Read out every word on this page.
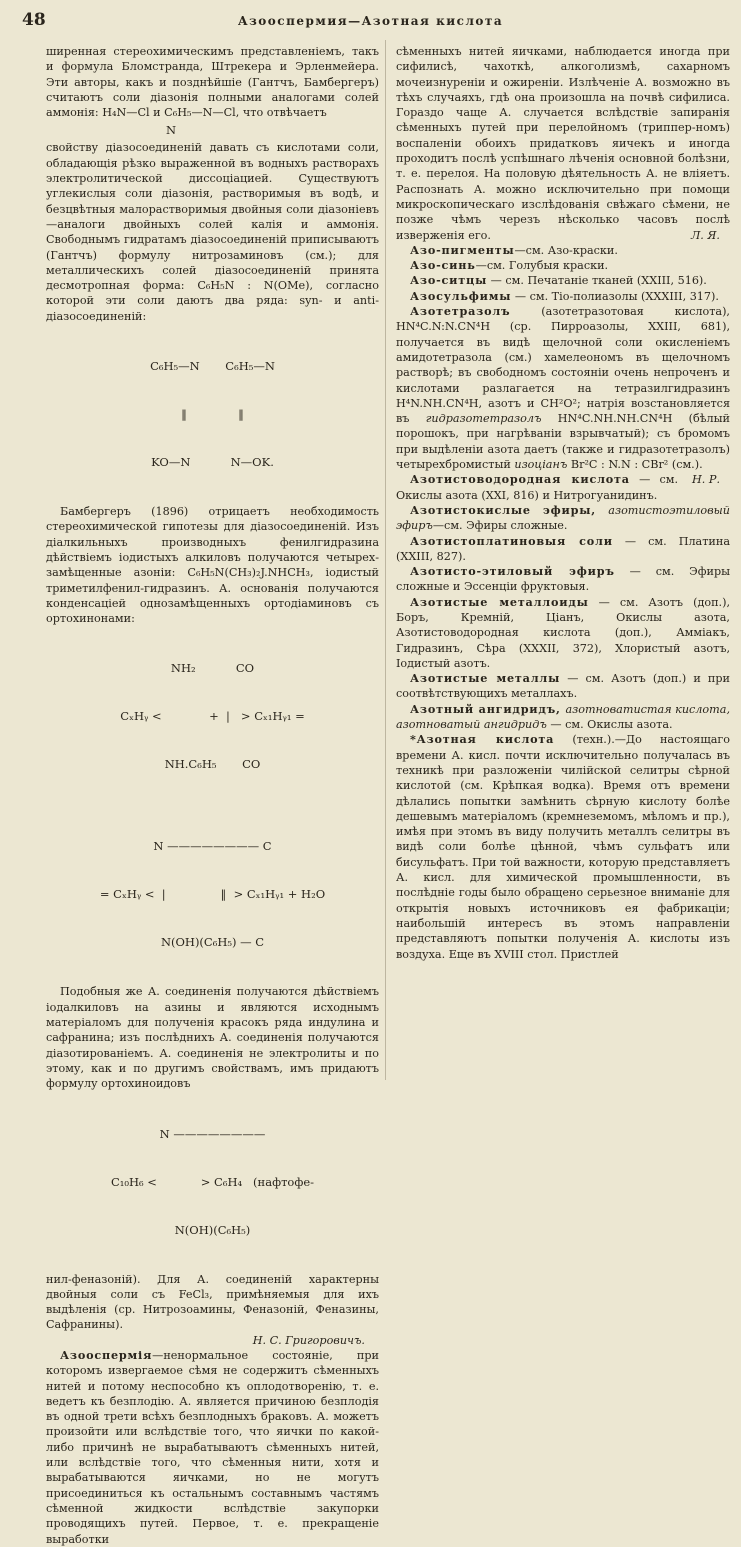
48	Азооспермия—Азотная кислота

ширенная стереохимическимъ представленіемъ, такъ и формула Бломстранда, Штрекера и Эрленмейера. Эти авторы, какъ и позднѣйшіе (Гантчъ, Бамбергеръ) считаютъ соли діазонія полными аналогами солей аммонія: H₄N—Cl и C₆H₅—N—Cl, что отвѣчаетъ

N

свойству діазосоединеній давать съ кислотами соли, обладающія рѣзко выраженной въ водныхъ растворахъ электролитической диссоціацией. Существуютъ углекислыя соли діазонія, растворимыя въ водѣ, и безцвѣтныя малорастворимыя двойныя соли діазоніевъ—аналоги двойныхъ солей калія и аммонія. Свободнымъ гидратамъ діазосоединеній приписываютъ (Гантчъ) формулу нитрозаминовъ (см.); для металлическихъ солей діазосоединеній принята десмотропная форма: C₆H₅N : N(OMe), согласно которой эти соли даютъ два ряда: syn- и anti-діазосоединеній:

C₆H₅—N       C₆H₅—N

‖              ‖

KO—N           N—OK.

Бамбергеръ (1896) отрицаетъ необходимость стереохимической гипотезы для діазосоединеній. Изъ діалкильныхъ производныхъ фенилгидразина дѣйствіемъ іодистыхъ алкиловъ получаются четырех-замѣщенные азоніи: C₆H₅N(CH₃)₂J.NHCH₃, іодистый триметилфенил-гидразинъ. А. основанія получаются конденсаціей однозамѣщенныхъ ортодіаминовъ съ ортохинонами:

NH₂           CO

CₓHᵧ <             +  |   > Cₓ₁Hᵧ₁ =

NH.C₆H₅       CO

N ———————— C

= CₓHᵧ <  |               ‖  > Cₓ₁Hᵧ₁ + H₂O

N(OH)(C₆H₅) — C

Подобныя же А. соединенія получаются дѣйствіемъ іодалкиловъ на азины и являются исходнымъ матеріаломъ для полученія красокъ ряда индулина и сафранина; изъ послѣднихъ А. соединенія получаются діазотированіемъ. А. соединенія не электролиты и по этому, как и по другимъ свойствамъ, имъ придаютъ формулу ортохиноидовъ

N ————————

C₁₀H₆ <            > C₆H₄   (нафтофе-

N(OH)(C₆H₅)

нил-феназоній). Для А. соединеній характерны двойныя соли съ FeCl₃, примѣняемыя для ихъ выдѣленія (ср. Нитрозоамины, Феназоній, Феназины, Сафранины).

Н. С. Григоровичъ.

Азооспермія—ненормальное состояніе, при которомъ извергаемое сѣмя не содержитъ сѣменныхъ нитей и потому неспособно къ оплодотворенію, т. е. ведетъ къ безплодію. А. является причиною безплодія въ одной трети всѣхъ безплодныхъ браковъ. А. можетъ произойти или вслѣдствіе того, что яички по какой-либо причинѣ не вырабатываютъ сѣменныхъ нитей, или вслѣдствіе того, что сѣменныя нити, хотя и вырабатываются яичками, но не могутъ присоединиться къ остальнымъ составнымъ частямъ сѣменной жидкости вслѣдствіе закупорки проводящихъ путей. Первое, т. е. прекращеніе выработки

сѣменныхъ нитей яичками, наблюдается иногда при сифилисѣ, чахоткѣ, алкоголизмѣ, сахарномъ мочеизнуреніи и ожиреніи. Излѣченіе А. возможно въ тѣхъ случаяхъ, гдѣ она произошла на почвѣ сифилиса. Гораздо чаще А. случается вслѣдствіе запиранія сѣменныхъ путей при перелойномъ (триппер-номъ) воспаленіи обоихъ придатковъ яичекъ и иногда проходитъ послѣ успѣшнаго лѣченія основной болѣзни, т. е. перелоя. На половую дѣятельность А. не вліяетъ. Распознать А. можно исключительно при помощи микроскопическаго изслѣдованія свѣжаго сѣмени, не позже чѣмъ черезъ нѣсколько часовъ послѣ изверженія его.	Л. Я.

Азо-пигменты—см. Азо-краски.

Азо-синь—см. Голубыя краски.

Азо-ситцы — см. Печатаніе тканей (XXIII, 516).

Азосульфимы — см. Тіо-полиазолы (XXXIII, 317).

Азотетразолъ (азотетразотовая кислота), HN⁴C.N:N.CN⁴H (ср. Пирроазолы, XXIII, 681), получается въ видѣ щелочной соли окисленіемъ амидотетразола (см.) хамелеономъ въ щелочномъ растворѣ; въ свободномъ состояніи очень непроченъ и кислотами разлагается на тетразилгидразинъ H⁴N.NH.CN⁴H, азотъ и CH²O²; натрія возстановляется въ гидразотетразолъ HN⁴C.NH.NH.CN⁴H (бѣлый порошокъ, при нагрѣваніи взрывчатый); съ бромомъ при выдѣленіи азота даетъ (также и гидразотетразолъ) четырехбромистый изоціанъ Br²C : N.N : CBr² (см.).
Н. Р.

Азотистоводородная кислота — см. Окислы азота (XXI, 816) и Нитрогуанидинъ.

Азотистокислые эфиры, азотистоэтиловый эфиръ—см. Эфиры сложные.

Азотистоплатиновыя соли — см. Платина (XXIII, 827).

Азотисто-этиловый эфиръ — см. Эфиры сложные и Эссенціи фруктовыя.

Азотистые металлоиды — см. Азотъ (доп.), Боръ, Кремній, Ціанъ, Окислы азота, Азотистоводородная кислота (доп.), Аммiакъ, Гидразинъ, Сѣра (XXXII, 372), Хлористый азотъ, Іодистый азотъ.

Азотистые металлы — см. Азотъ (доп.) и при соотвѣтствующихъ металлахъ.

Азотный ангидридъ, азотноватистая кислота, азотноватый ангидридъ — см. Окислы азота.

*Азотная кислота (техн.).—До настоящаго времени А. кисл. почти исключительно получалась въ техникѣ при разложеніи чилійской селитры сѣрной кислотой (см. Крѣпкая водка). Время отъ времени дѣлались попытки замѣнить сѣрную кислоту болѣе дешевымъ матеріаломъ (кремнеземомъ, мѣломъ и пр.), имѣя при этомъ въ виду получить металлъ селитры въ видѣ соли болѣе цѣнной, чѣмъ сульфатъ или бисульфатъ. При той важности, которую представляетъ А. кисл. для химической промышленности, въ послѣдніе годы было обращено серьезное вниманіе для открытія новыхъ источниковъ ея фабрикаціи; наибольшій интересъ въ этомъ направленіи представляютъ попытки полученія А. кислоты изъ воздуха. Еще въ XVIII стол. Пристлей
